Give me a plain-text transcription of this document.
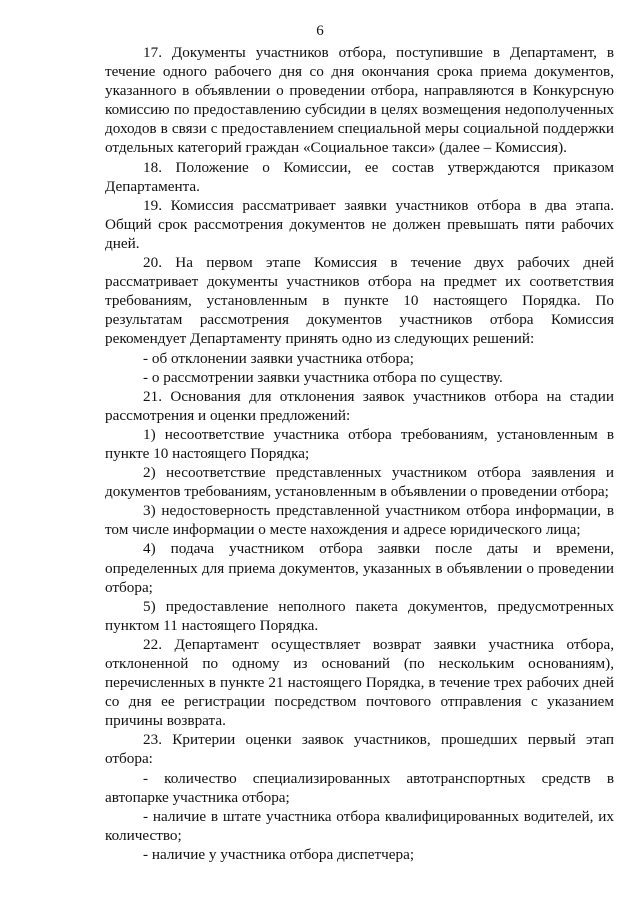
6

17. Документы участников отбора, поступившие в Департамент, в течение одного рабочего дня со дня окончания срока приема документов, указанного в объявлении о проведении отбора, направляются в Конкурсную комиссию по предоставлению субсидии в целях возмещения недополученных доходов в связи с предоставлением специальной меры социальной поддержки отдельных категорий граждан «Социальное такси» (далее – Комиссия).

18. Положение о Комиссии, ее состав утверждаются приказом Департамента.

19. Комиссия рассматривает заявки участников отбора в два этапа. Общий срок рассмотрения документов не должен превышать пяти рабочих дней.

20. На первом этапе Комиссия в течение двух рабочих дней рассматривает документы участников отбора на предмет их соответствия требованиям, установленным в пункте 10 настоящего Порядка. По результатам рассмотрения документов участников отбора Комиссия рекомендует Департаменту принять одно из следующих решений:

- об отклонении заявки участника отбора;

- о рассмотрении заявки участника отбора по существу.

21. Основания для отклонения заявок участников отбора на стадии рассмотрения и оценки предложений:

1) несоответствие участника отбора требованиям, установленным в пункте 10 настоящего Порядка;

2) несоответствие представленных участником отбора заявления и документов требованиям, установленным в объявлении о проведении отбора;

3) недостоверность представленной участником отбора информации, в том числе информации о месте нахождения и адресе юридического лица;

4) подача участником отбора заявки после даты и времени, определенных для приема документов, указанных в объявлении о проведении отбора;

5) предоставление неполного пакета документов, предусмотренных пунктом 11 настоящего Порядка.

22. Департамент осуществляет возврат заявки участника отбора, отклоненной по одному из оснований (по нескольким основаниям), перечисленных в пункте 21 настоящего Порядка, в течение трех рабочих дней со дня ее регистрации посредством почтового отправления с указанием причины возврата.

23. Критерии оценки заявок участников, прошедших первый этап отбора:

- количество специализированных автотранспортных средств в автопарке участника отбора;

- наличие в штате участника отбора квалифицированных водителей, их количество;

- наличие у участника отбора диспетчера;
